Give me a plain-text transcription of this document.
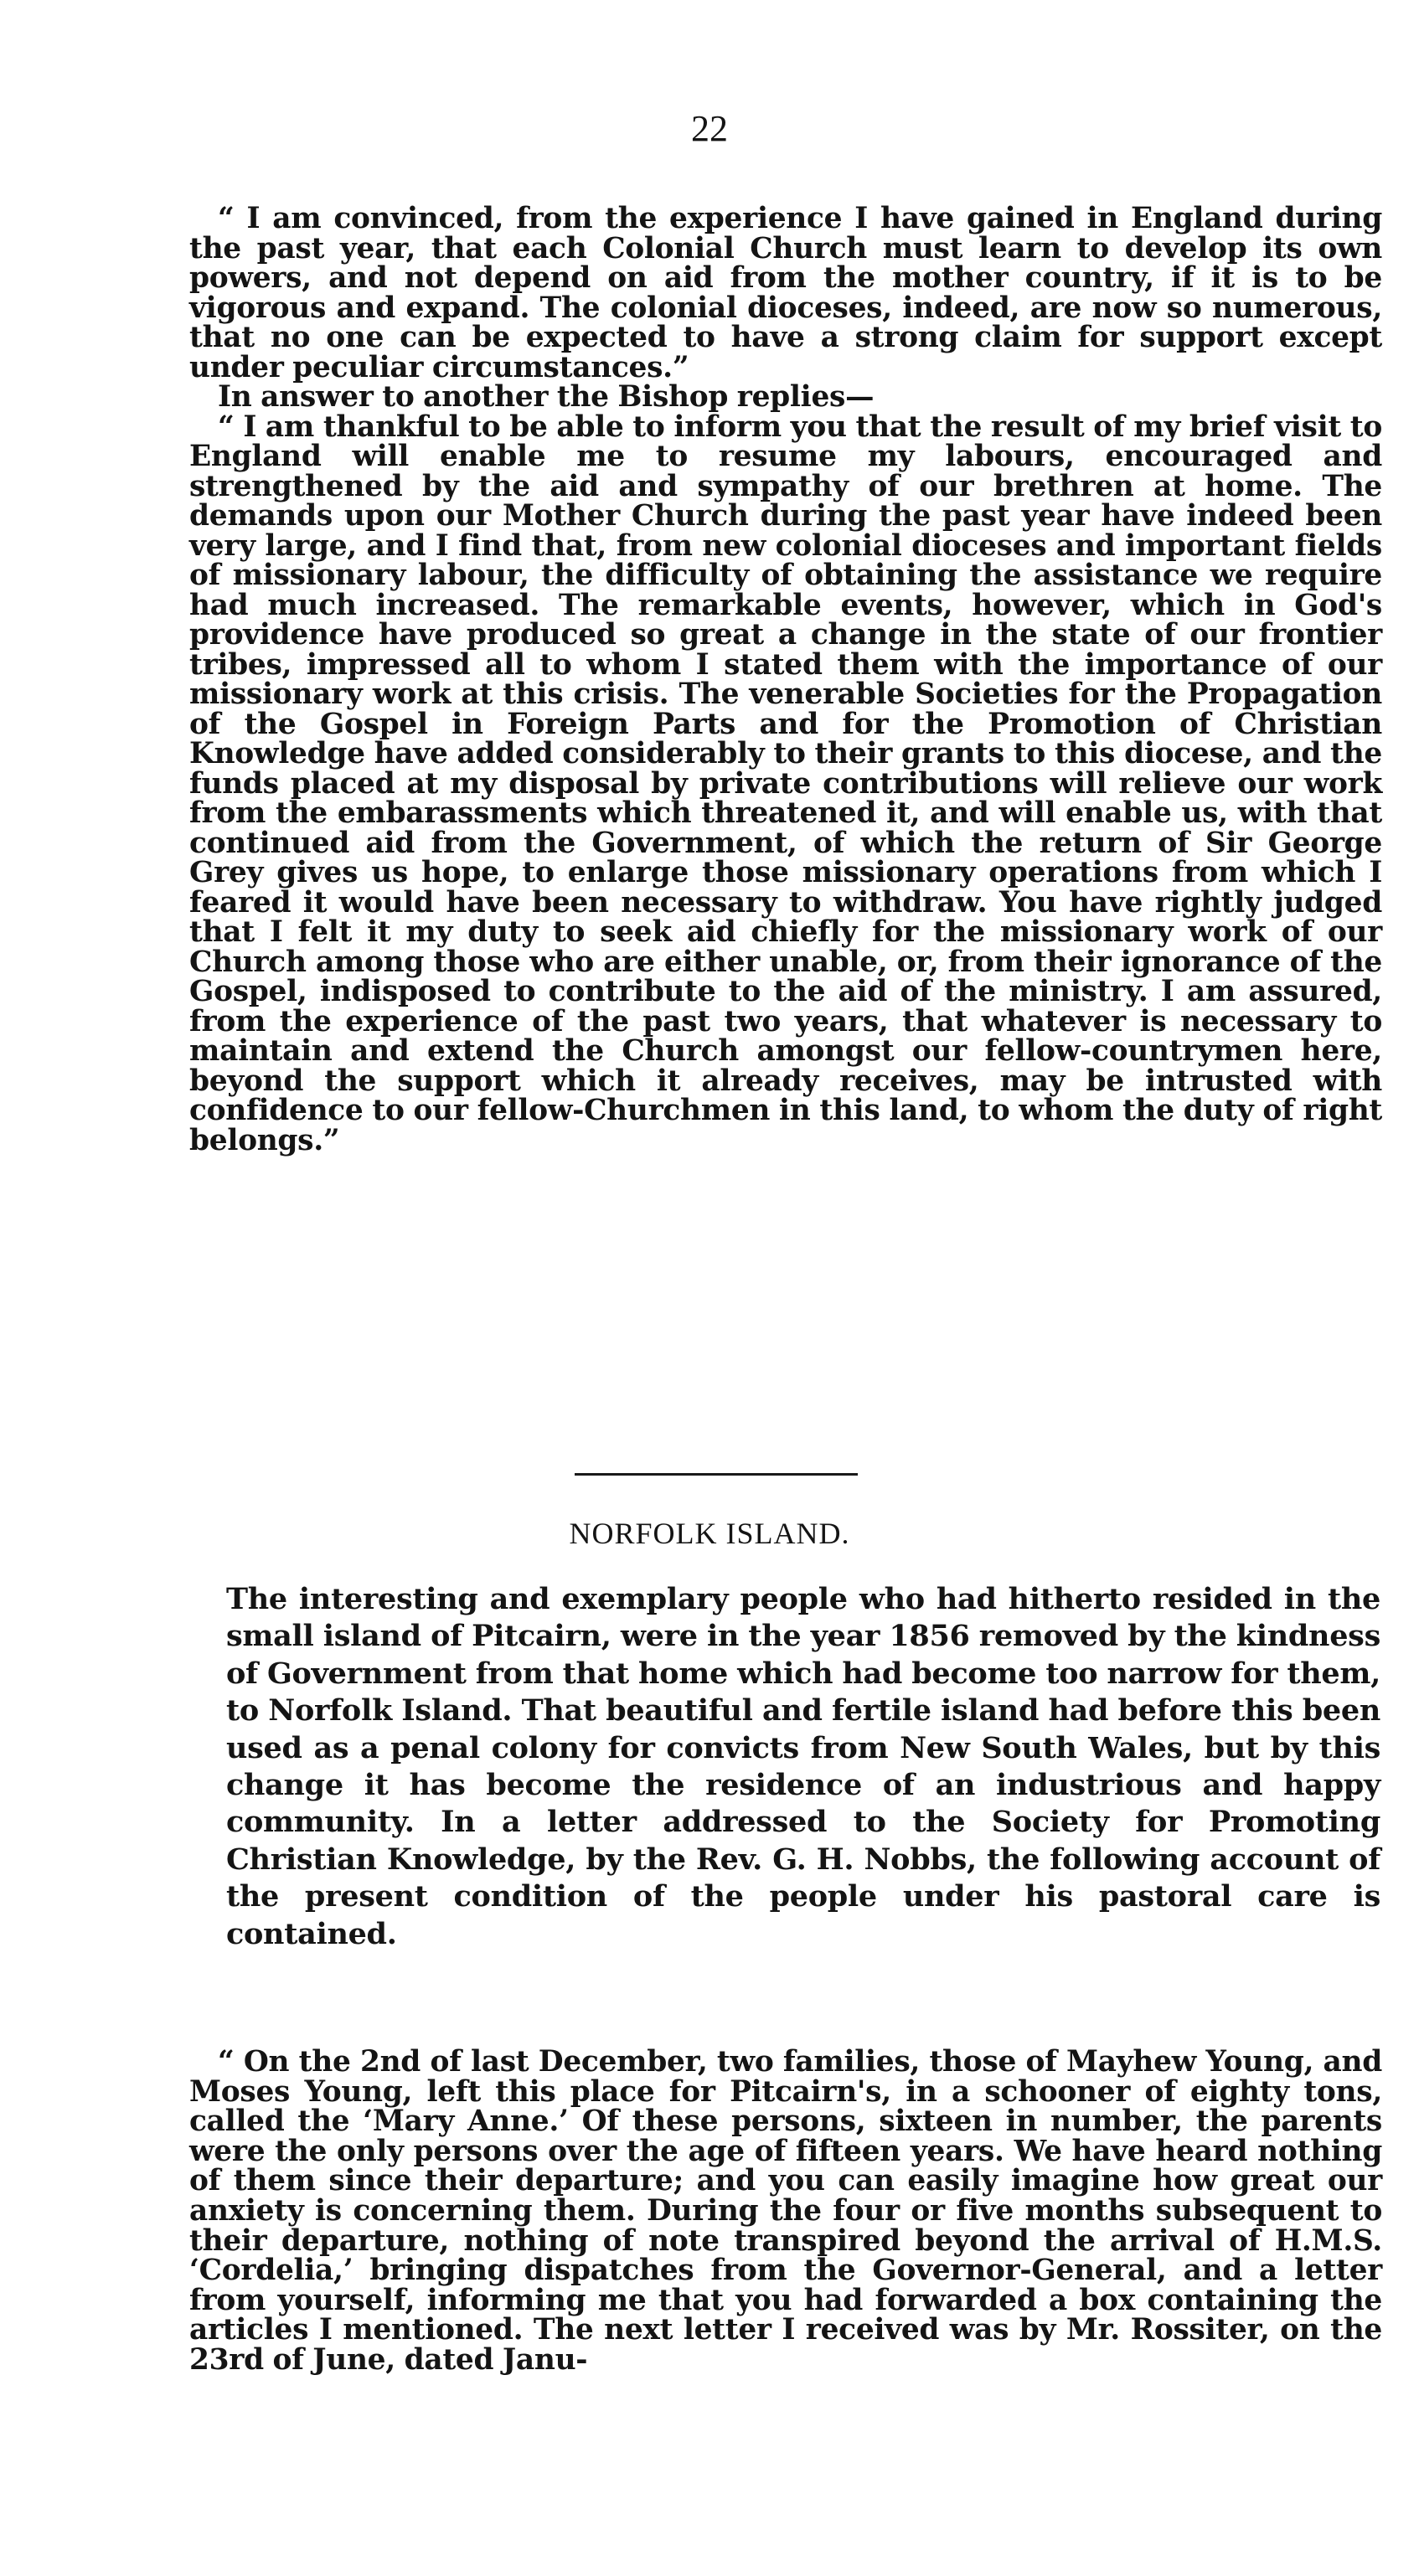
22

“ I am convinced, from the experience I have gained in England during the past year, that each Colonial Church must learn to develop its own powers, and not depend on aid from the mother country, if it is to be vigorous and expand. The colonial dioceses, indeed, are now so numerous, that no one can be expected to have a strong claim for support except under peculiar circumstances.”

In answer to another the Bishop replies—

“ I am thankful to be able to inform you that the result of my brief visit to England will enable me to resume my labours, encouraged and strengthened by the aid and sympathy of our brethren at home. The demands upon our Mother Church during the past year have indeed been very large, and I find that, from new colonial dioceses and important fields of missionary labour, the difficulty of obtaining the assistance we require had much increased. The remarkable events, however, which in God's providence have produced so great a change in the state of our frontier tribes, impressed all to whom I stated them with the importance of our missionary work at this crisis. The venerable Societies for the Propagation of the Gospel in Foreign Parts and for the Promotion of Christian Knowledge have added considerably to their grants to this diocese, and the funds placed at my disposal by private contributions will relieve our work from the embarassments which threatened it, and will enable us, with that continued aid from the Government, of which the return of Sir George Grey gives us hope, to enlarge those missionary operations from which I feared it would have been necessary to withdraw. You have rightly judged that I felt it my duty to seek aid chiefly for the missionary work of our Church among those who are either unable, or, from their ignorance of the Gospel, indisposed to contribute to the aid of the ministry. I am assured, from the experience of the past two years, that whatever is necessary to maintain and extend the Church amongst our fellow-countrymen here, beyond the support which it already receives, may be intrusted with confidence to our fellow-Churchmen in this land, to whom the duty of right belongs.”

NORFOLK ISLAND.

The interesting and exemplary people who had hitherto resided in the small island of Pitcairn, were in the year 1856 removed by the kindness of Government from that home which had become too narrow for them, to Norfolk Island. That beautiful and fertile island had before this been used as a penal colony for convicts from New South Wales, but by this change it has become the residence of an industrious and happy community. In a letter addressed to the Society for Promoting Christian Knowledge, by the Rev. G. H. Nobbs, the following account of the present condition of the people under his pastoral care is contained.

“ On the 2nd of last December, two families, those of Mayhew Young, and Moses Young, left this place for Pitcairn's, in a schooner of eighty tons, called the ‘Mary Anne.’ Of these persons, sixteen in number, the parents were the only persons over the age of fifteen years. We have heard nothing of them since their departure; and you can easily imagine how great our anxiety is concerning them. During the four or five months subsequent to their departure, nothing of note transpired beyond the arrival of H.M.S. ‘Cordelia,’ bringing dispatches from the Governor-General, and a letter from yourself, informing me that you had forwarded a box containing the articles I mentioned. The next letter I received was by Mr. Rossiter, on the 23rd of June, dated Janu-
